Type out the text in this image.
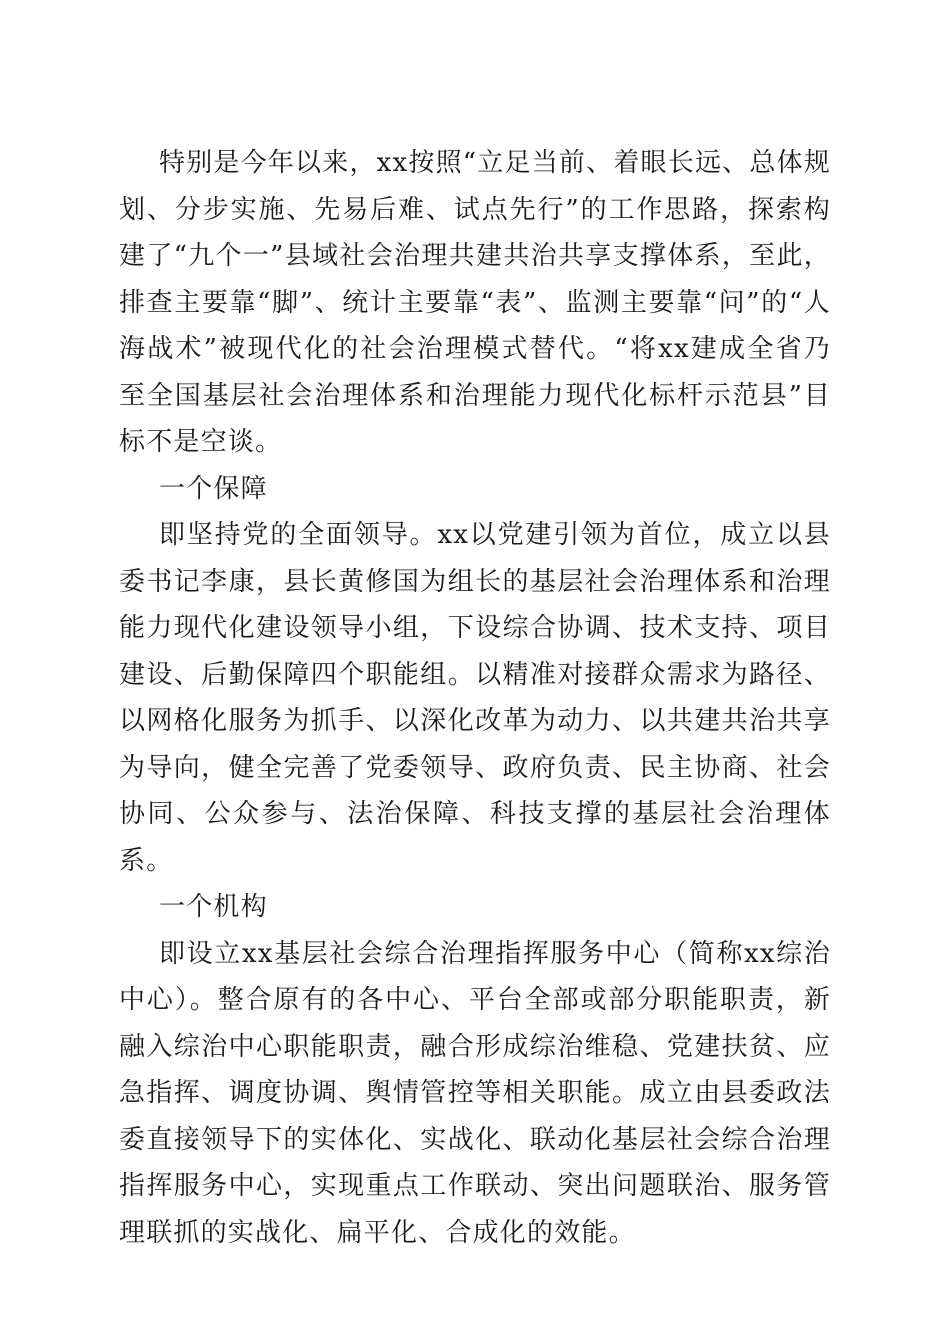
特别是今年以来，xx按照“立足当前、着眼长远、总体规划、分步实施、先易后难、试点先行”的工作思路，探索构建了“九个一”县域社会治理共建共治共享支撑体系，至此，排查主要靠“脚”、统计主要靠“表”、监测主要靠“问”的“人海战术”被现代化的社会治理模式替代。“将xx建成全省乃至全国基层社会治理体系和治理能力现代化标杆示范县”目标不是空谈。

一个保障

即坚持党的全面领导。xx以党建引领为首位，成立以县委书记李康，县长黄修国为组长的基层社会治理体系和治理能力现代化建设领导小组，下设综合协调、技术支持、项目建设、后勤保障四个职能组。以精准对接群众需求为路径、以网格化服务为抓手、以深化改革为动力、以共建共治共享为导向，健全完善了党委领导、政府负责、民主协商、社会协同、公众参与、法治保障、科技支撑的基层社会治理体系。

一个机构

即设立xx基层社会综合治理指挥服务中心（简称xx综治中心）。整合原有的各中心、平台全部或部分职能职责，新融入综治中心职能职责，融合形成综治维稳、党建扶贫、应急指挥、调度协调、舆情管控等相关职能。成立由县委政法委直接领导下的实体化、实战化、联动化基层社会综合治理指挥服务中心，实现重点工作联动、突出问题联治、服务管理联抓的实战化、扁平化、合成化的效能。
